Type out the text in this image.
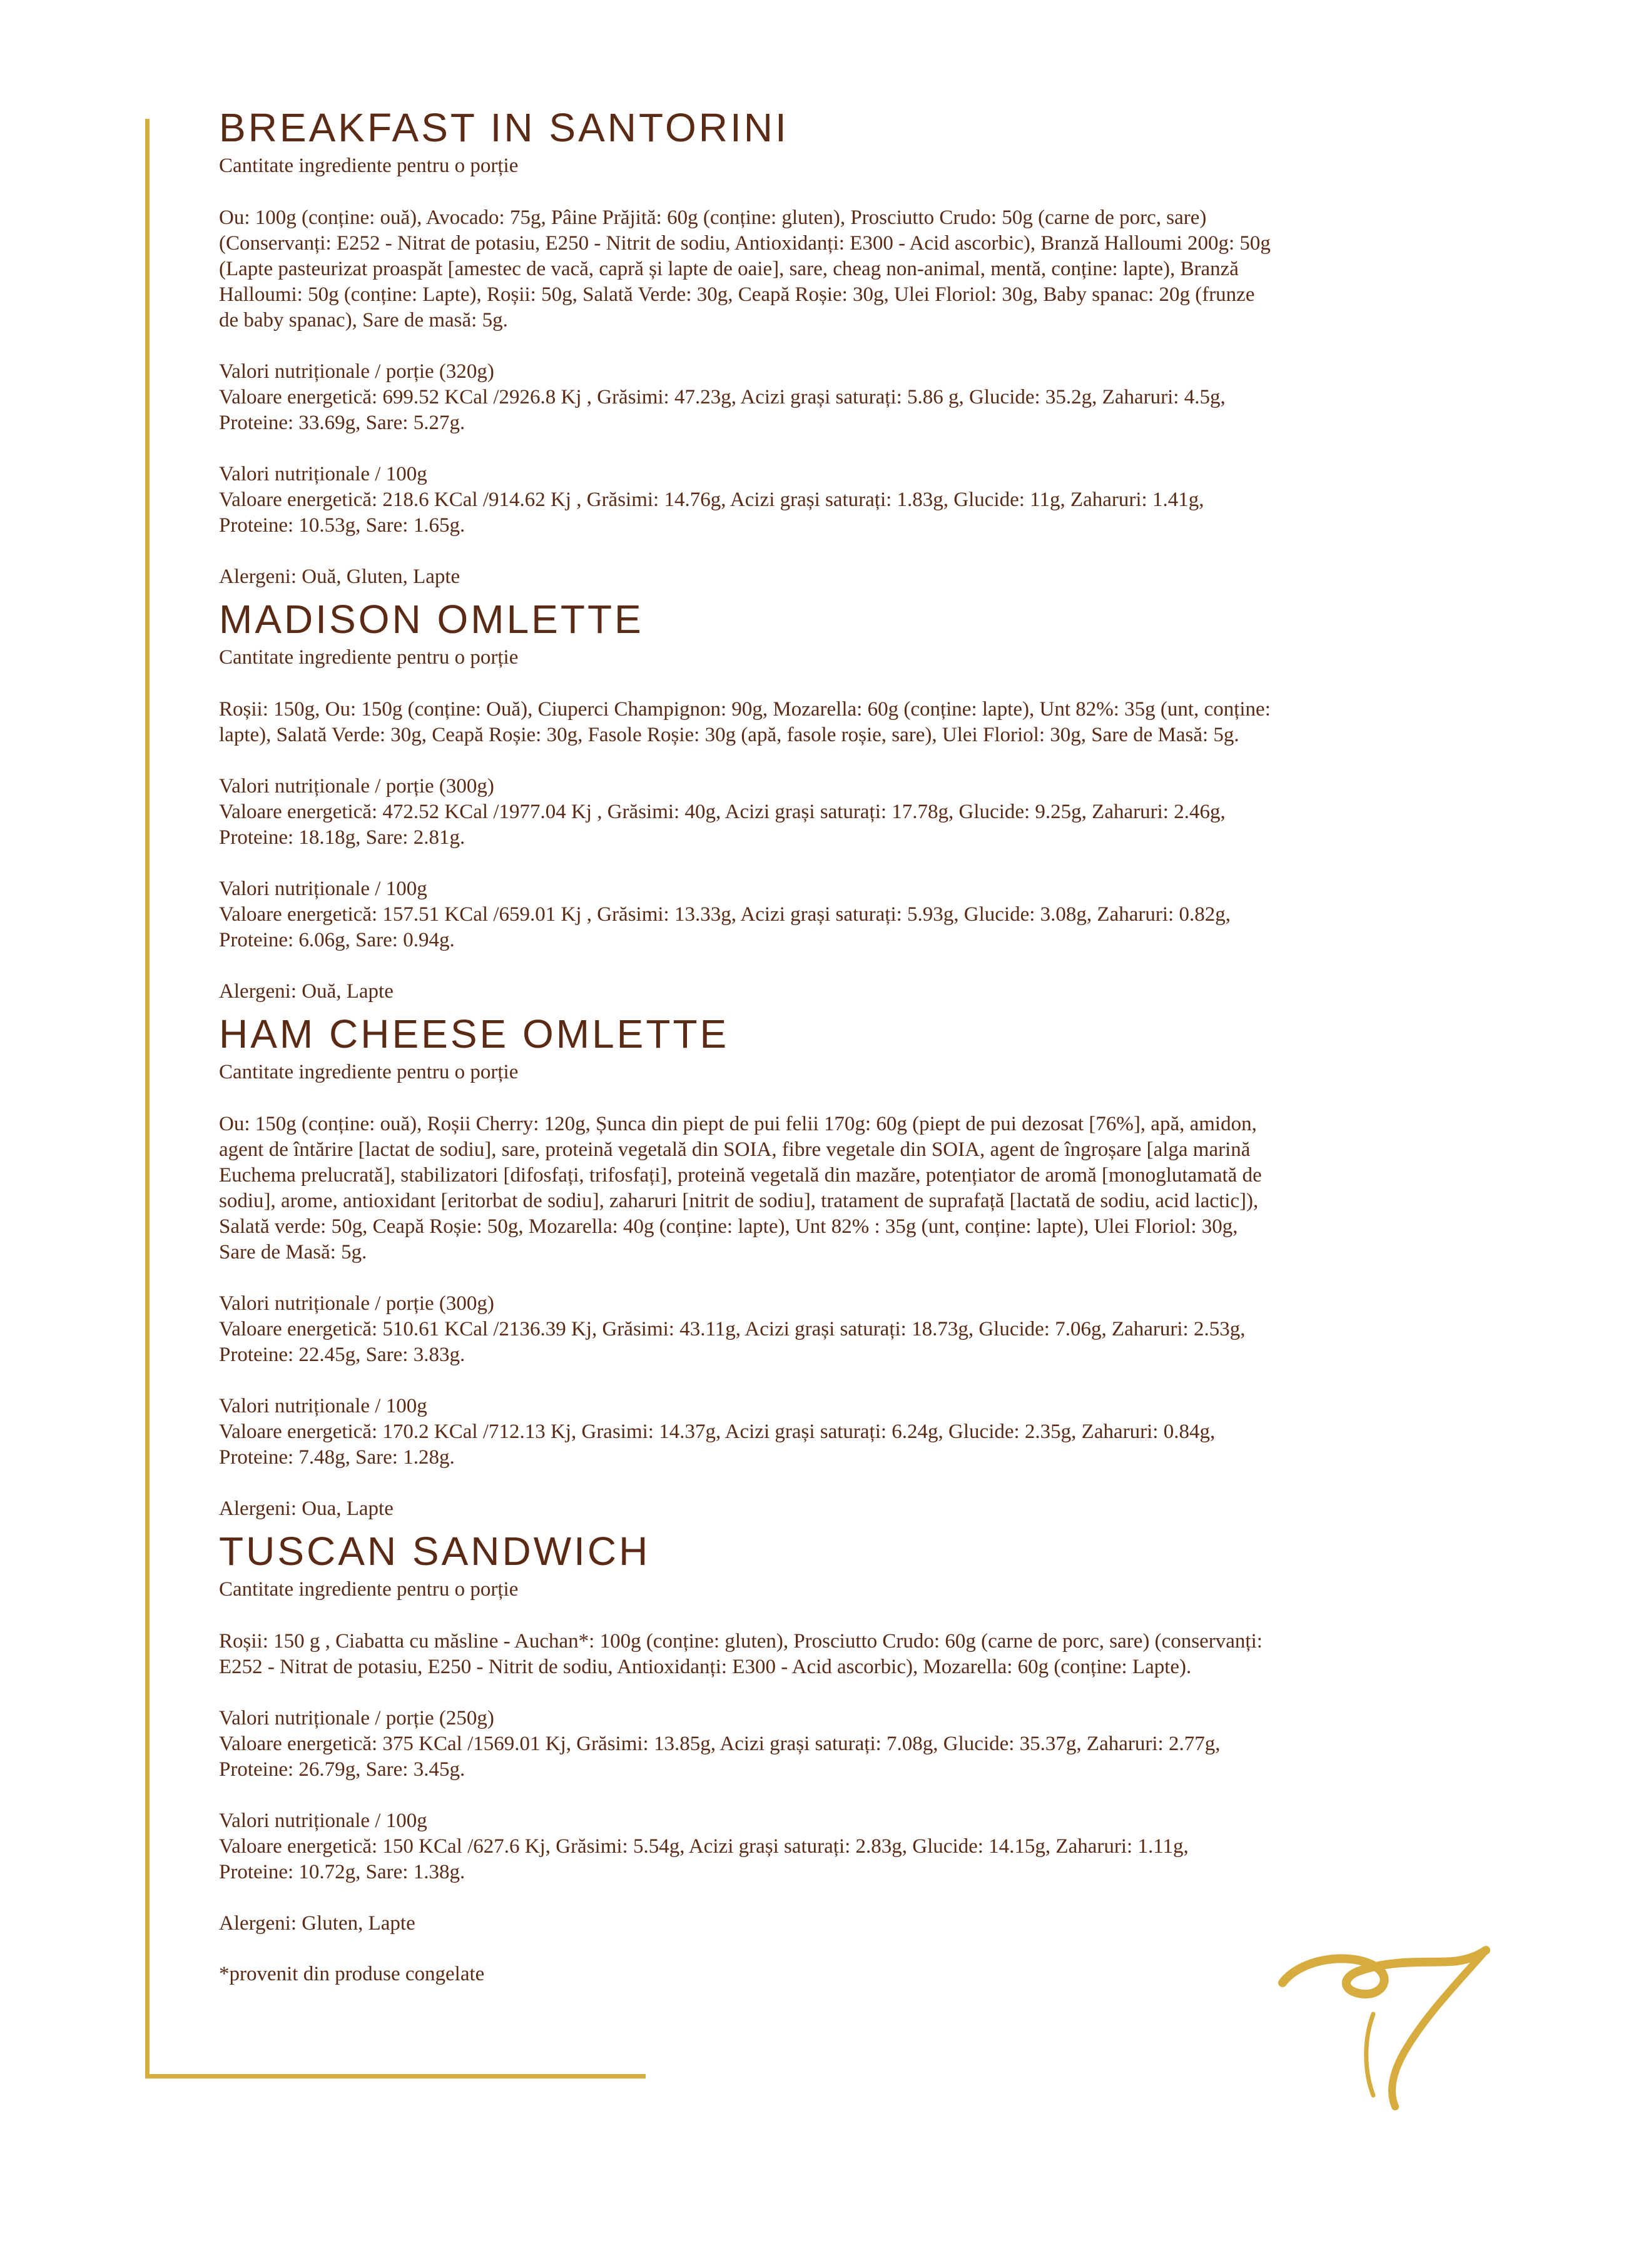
BREAKFAST IN SANTORINI

Cantitate ingrediente pentru o porție

Ou: 100g (conține: ouă), Avocado: 75g, Pâine Prăjită: 60g (conține: gluten), Prosciutto Crudo: 50g (carne de porc, sare)
(Conservanți: E252 - Nitrat de potasiu, E250 - Nitrit de sodiu, Antioxidanți: E300 - Acid ascorbic), Branză Halloumi 200g: 50g
(Lapte pasteurizat proaspăt [amestec de vacă, capră și lapte de oaie], sare, cheag non-animal, mentă, conține: lapte), Branză
Halloumi: 50g (conține: Lapte), Roșii: 50g, Salată Verde: 30g, Ceapă Roșie: 30g, Ulei Floriol: 30g, Baby spanac: 20g (frunze
de baby spanac), Sare de masă: 5g.

Valori nutriționale / porție (320g)
Valoare energetică: 699.52 KCal /2926.8 Kj , Grăsimi: 47.23g, Acizi grași saturați: 5.86 g, Glucide: 35.2g, Zaharuri: 4.5g,
Proteine: 33.69g, Sare: 5.27g.

Valori nutriționale / 100g
Valoare energetică: 218.6 KCal /914.62 Kj , Grăsimi: 14.76g, Acizi grași saturați: 1.83g, Glucide: 11g, Zaharuri: 1.41g,
Proteine: 10.53g, Sare: 1.65g.

Alergeni: Ouă, Gluten, Lapte

MADISON OMLETTE

Cantitate ingrediente pentru o porție

Roșii: 150g, Ou: 150g (conține: Ouă), Ciuperci Champignon: 90g, Mozarella: 60g (conține: lapte), Unt 82%: 35g (unt, conține:
lapte), Salată Verde: 30g, Ceapă Roșie: 30g, Fasole Roșie: 30g (apă, fasole roșie, sare), Ulei Floriol: 30g, Sare de Masă: 5g.

Valori nutriționale / porție (300g)
Valoare energetică: 472.52 KCal /1977.04 Kj , Grăsimi: 40g, Acizi grași saturați: 17.78g, Glucide: 9.25g, Zaharuri: 2.46g,
Proteine: 18.18g, Sare: 2.81g.

Valori nutriționale / 100g
Valoare energetică: 157.51 KCal /659.01 Kj , Grăsimi: 13.33g, Acizi grași saturați: 5.93g, Glucide: 3.08g, Zaharuri: 0.82g,
Proteine: 6.06g, Sare: 0.94g.

Alergeni: Ouă, Lapte

HAM CHEESE OMLETTE

Cantitate ingrediente pentru o porție

Ou: 150g (conține: ouă), Roșii Cherry: 120g, Șunca din piept de pui felii 170g: 60g (piept de pui dezosat [76%], apă, amidon,
agent de întărire [lactat de sodiu], sare, proteină vegetală din SOIA, fibre vegetale din SOIA, agent de îngroșare [alga marină
Euchema prelucrată], stabilizatori [difosfați, trifosfați], proteină vegetală din mazăre, potențiator de aromă [monoglutamată de
sodiu], arome, antioxidant [eritorbat de sodiu], zaharuri [nitrit de sodiu], tratament de suprafață [lactată de sodiu, acid lactic]),
Salată verde: 50g, Ceapă Roșie: 50g, Mozarella: 40g (conține: lapte), Unt 82% : 35g (unt, conține: lapte), Ulei Floriol: 30g,
Sare de Masă: 5g.

Valori nutriționale / porție (300g)
Valoare energetică: 510.61 KCal /2136.39 Kj, Grăsimi: 43.11g, Acizi grași saturați: 18.73g, Glucide: 7.06g, Zaharuri: 2.53g,
Proteine: 22.45g, Sare: 3.83g.

Valori nutriționale / 100g
Valoare energetică: 170.2 KCal /712.13 Kj, Grasimi: 14.37g, Acizi grași saturați: 6.24g, Glucide: 2.35g, Zaharuri: 0.84g,
Proteine: 7.48g, Sare: 1.28g.

Alergeni: Oua, Lapte

TUSCAN SANDWICH

Cantitate ingrediente pentru o porție

Roșii: 150 g , Ciabatta cu măsline - Auchan*: 100g (conține: gluten), Prosciutto Crudo: 60g (carne de porc, sare) (conservanți:
E252 - Nitrat de potasiu, E250 - Nitrit de sodiu, Antioxidanți: E300 - Acid ascorbic), Mozarella: 60g (conține: Lapte).

Valori nutriționale / porție (250g)
Valoare energetică: 375 KCal /1569.01 Kj, Grăsimi: 13.85g, Acizi grași saturați: 7.08g, Glucide: 35.37g, Zaharuri: 2.77g,
Proteine: 26.79g, Sare: 3.45g.

Valori nutriționale / 100g
Valoare energetică: 150 KCal /627.6 Kj, Grăsimi: 5.54g, Acizi grași saturați: 2.83g, Glucide: 14.15g, Zaharuri: 1.11g,
Proteine: 10.72g, Sare: 1.38g.

Alergeni: Gluten, Lapte

*provenit din produse congelate
